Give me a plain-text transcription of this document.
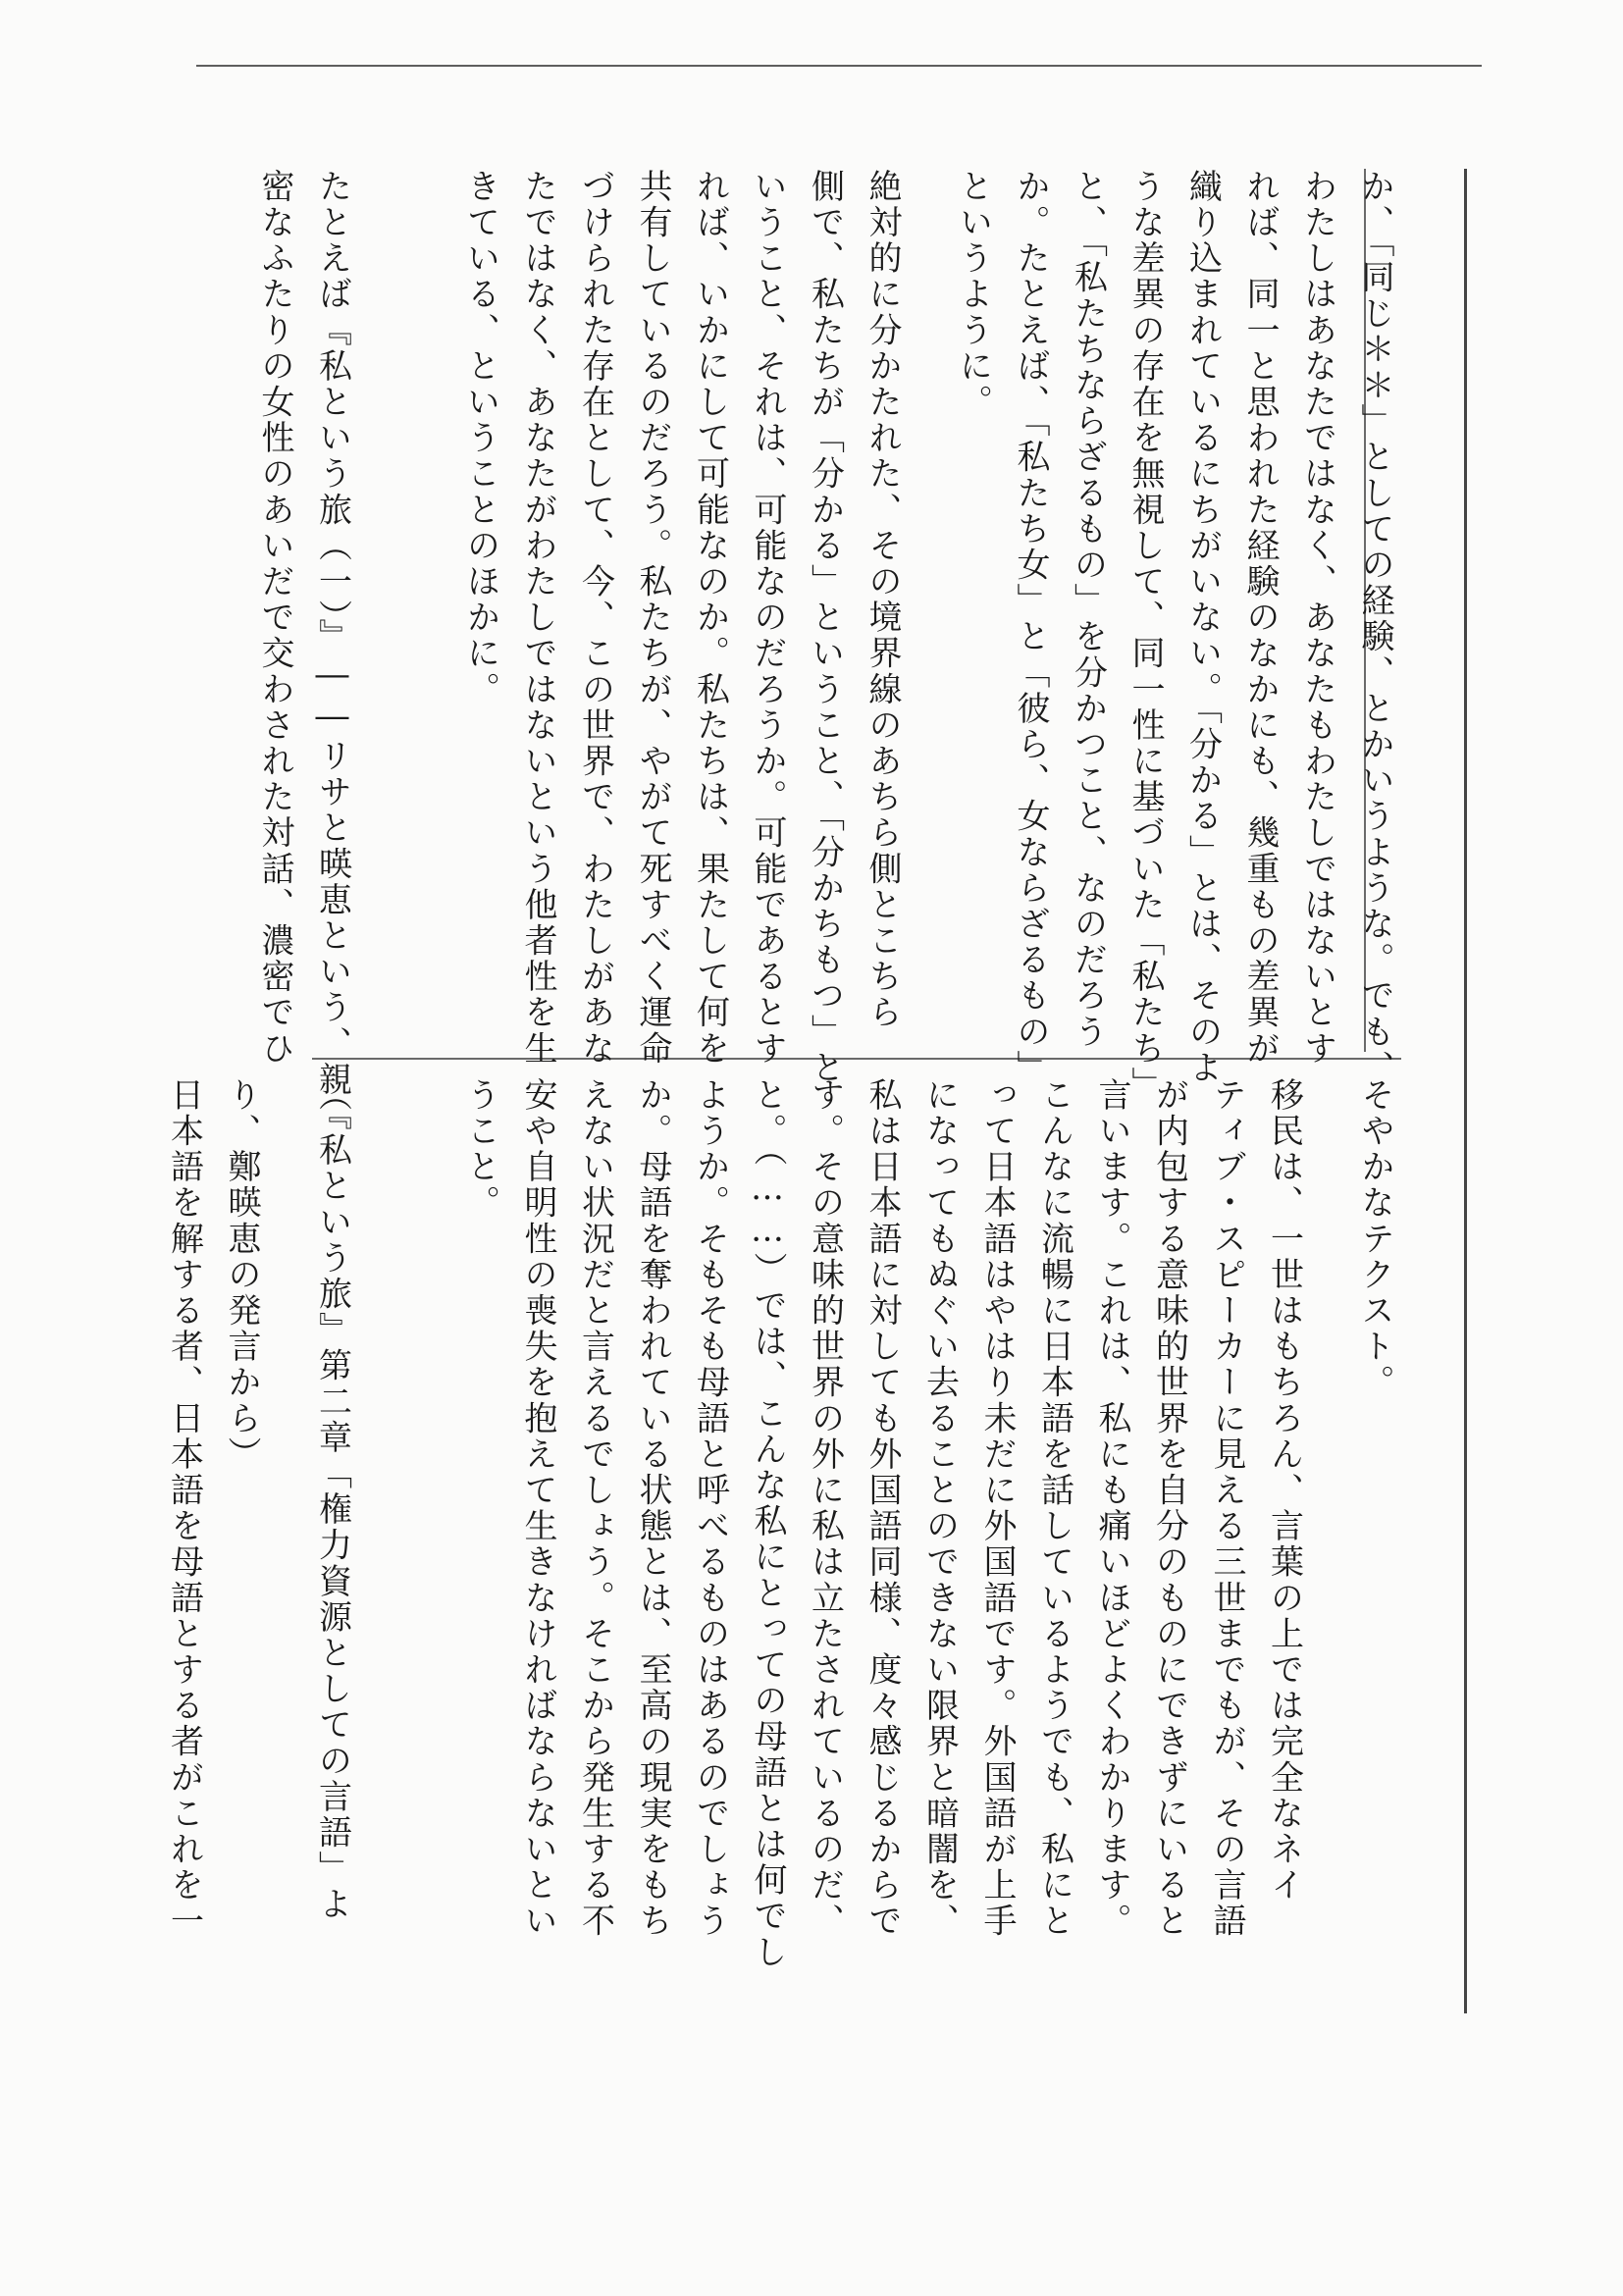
か、「同じ＊＊」としての経験、とかいうような。でも、
わたしはあなたではなく、あなたもわたしではないとす
れば、同一と思われた経験のなかにも、幾重もの差異が
織り込まれているにちがいない。「分かる」とは、そのよ
うな差異の存在を無視して、同一性に基づいた「私たち」
と、「私たちならざるもの」を分かつこと、なのだろう
か。たとえば、「私たち女」と「彼ら、女ならざるもの」
というように。
絶対的に分かたれた、その境界線のあちら側とこちら
側で、私たちが「分かる」ということ、「分かちもつ」と
いうこと、それは、可能なのだろうか。可能であるとす
れば、いかにして可能なのか。私たちは、果たして何を
共有しているのだろう。私たちが、やがて死すべく運命
づけられた存在として、今、この世界で、わたしがあな
たではなく、あなたがわたしではないという他者性を生
きている、ということのほかに。

たとえば『私という旅（一）』――リサと暎恵という、親
密なふたりの女性のあいだで交わされた対話、濃密でひ
そやかなテクスト。
移民は、一世はもちろん、言葉の上では完全なネイ
ティブ・スピーカーに見える三世までもが、その言語
が内包する意味的世界を自分のものにできずにいると
言います。これは、私にも痛いほどよくわかります。
こんなに流暢に日本語を話しているようでも、私にと
って日本語はやはり未だに外国語です。外国語が上手
になってもぬぐい去ることのできない限界と暗闇を、
私は日本語に対しても外国語同様、度々感じるからで
す。その意味的世界の外に私は立たされているのだ、
と。（……）では、こんな私にとっての母語とは何でし
ようか。そもそも母語と呼べるものはあるのでしょう
か。母語を奪われている状態とは、至高の現実をもち
えない状況だと言えるでしょう。そこから発生する不
安や自明性の喪失を抱えて生きなければならないとい
うこと。

（『私という旅』第二章「権力資源としての言語」よ
り、鄭暎恵の発言から）
日本語を解する者、日本語を母語とする者がこれを一
